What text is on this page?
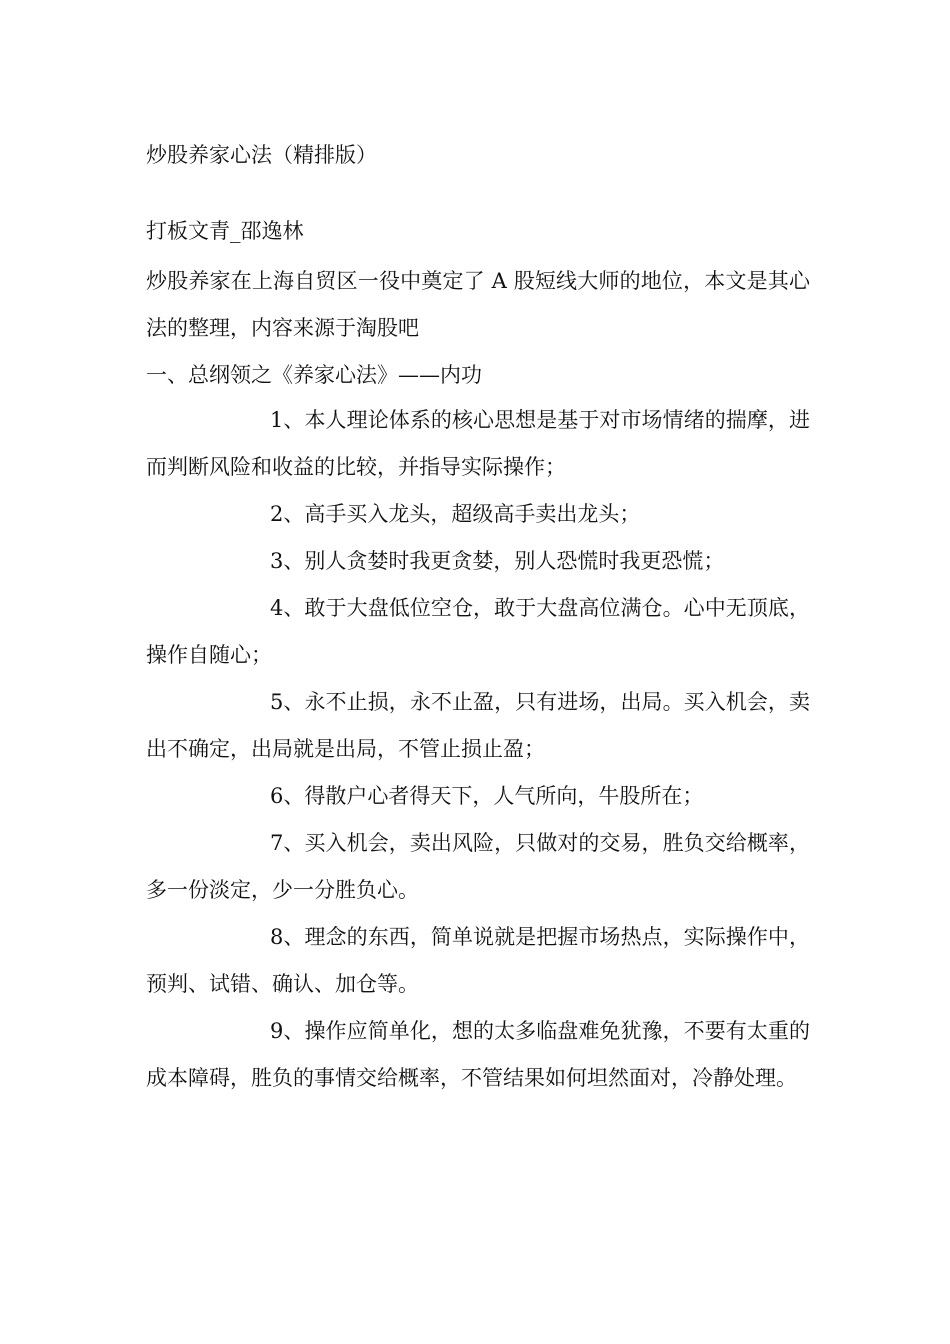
炒股养家心法（精排版）

打板文青_邵逸林

炒股养家在上海自贸区一役中奠定了 A 股短线大师的地位，本文是其心法的整理，内容来源于淘股吧

一、总纲领之《养家心法》——内功

1、本人理论体系的核心思想是基于对市场情绪的揣摩，进而判断风险和收益的比较，并指导实际操作；

2、高手买入龙头，超级高手卖出龙头；

3、别人贪婪时我更贪婪，别人恐慌时我更恐慌；

4、敢于大盘低位空仓，敢于大盘高位满仓。心中无顶底，操作自随心；

5、永不止损，永不止盈，只有进场，出局。买入机会，卖出不确定，出局就是出局，不管止损止盈；

6、得散户心者得天下，人气所向，牛股所在；

7、买入机会，卖出风险，只做对的交易，胜负交给概率，多一份淡定，少一分胜负心。

8、理念的东西，简单说就是把握市场热点，实际操作中，预判、试错、确认、加仓等。

9、操作应简单化，想的太多临盘难免犹豫，不要有太重的成本障碍，胜负的事情交给概率，不管结果如何坦然面对，冷静处理。
